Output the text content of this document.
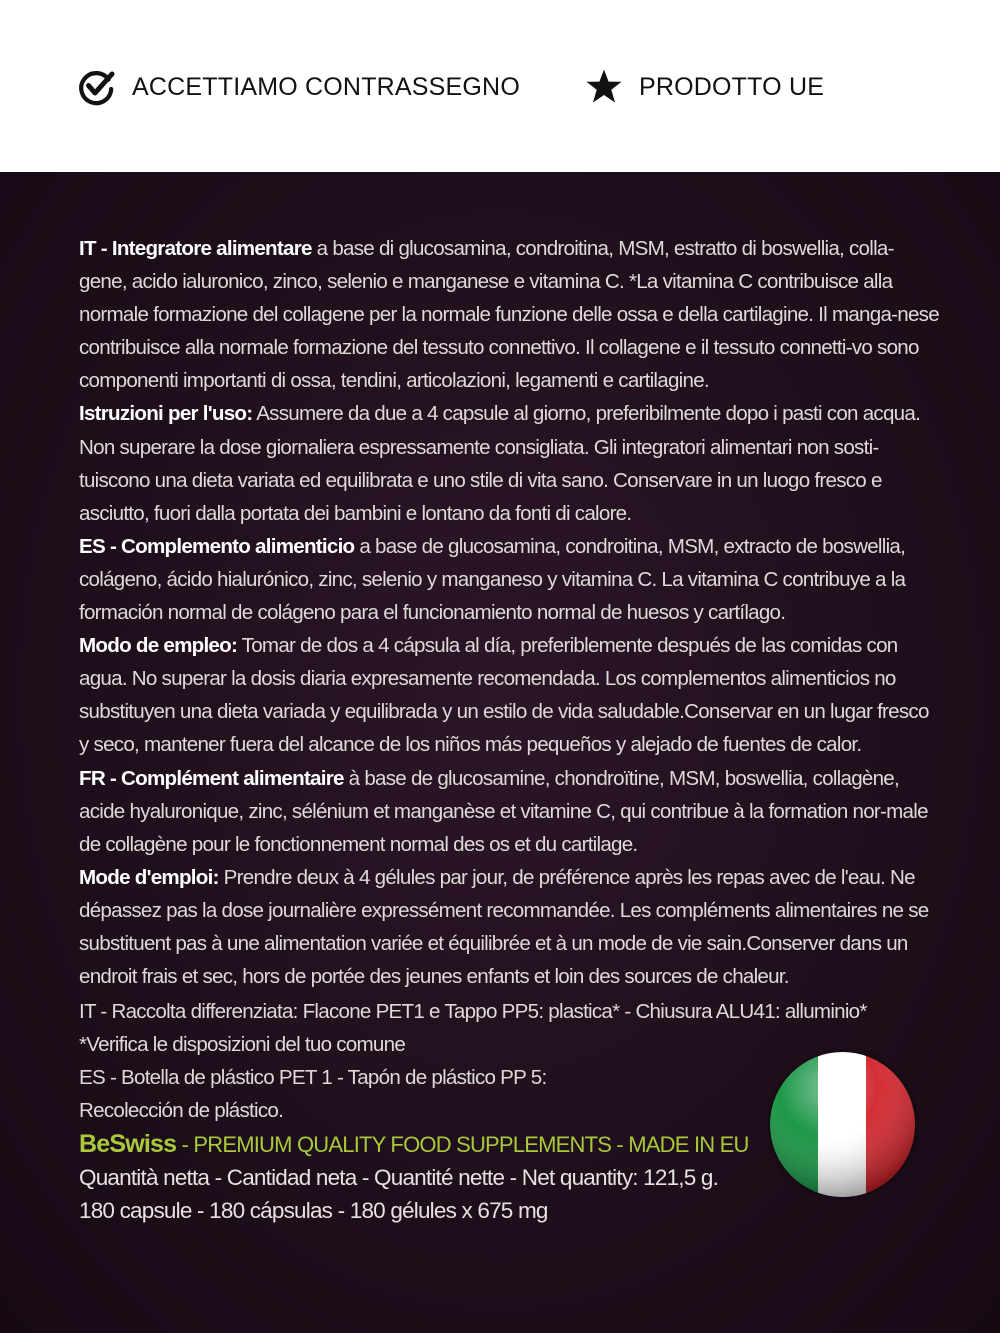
ACCETTIAMO CONTRASSEGNO	PRODOTTO UE

IT - Integratore alimentare a base di glucosamina, condroitina, MSM, estratto di boswellia, colla-gene, acido ialuronico, zinco, selenio e manganese e vitamina C. *La vitamina C contribuisce alla normale formazione del collagene per la normale funzione delle ossa e della cartilagine. Il manga-nese contribuisce alla normale formazione del tessuto connettivo. Il collagene e il tessuto connetti-vo sono componenti importanti di ossa, tendini, articolazioni, legamenti e cartilagine.

Istruzioni per l'uso: Assumere da due a 4 capsule al giorno, preferibilmente dopo i pasti con acqua. Non superare la dose giornaliera espressamente consigliata. Gli integratori alimentari non sosti-tuiscono una dieta variata ed equilibrata e uno stile di vita sano. Conservare in un luogo fresco e asciutto, fuori dalla portata dei bambini e lontano da fonti di calore.

ES - Complemento alimenticio a base de glucosamina, condroitina, MSM, extracto de boswellia, colágeno, ácido hialurónico, zinc, selenio y manganeso y vitamina C. La vitamina C contribuye a la formación normal de colágeno para el funcionamiento normal de huesos y cartílago.

Modo de empleo: Tomar de dos a 4 cápsula al día, preferiblemente después de las comidas con agua. No superar la dosis diaria expresamente recomendada. Los complementos alimenticios no substituyen una dieta variada y equilibrada y un estilo de vida saludable.Conservar en un lugar fresco y seco, mantener fuera del alcance de los niños más pequeños y alejado de fuentes de calor.

FR - Complément alimentaire à base de glucosamine, chondroïtine, MSM, boswellia, collagène, acide hyaluronique, zinc, sélénium et manganèse et vitamine C, qui contribue à la formation nor-male de collagène pour le fonctionnement normal des os et du cartilage.

Mode d'emploi: Prendre deux à 4 gélules par jour, de préférence après les repas avec de l'eau. Ne dépassez pas la dose journalière expressément recommandée. Les compléments alimentaires ne se substituent pas à une alimentation variée et équilibrée et à un mode de vie sain.Conserver dans un endroit frais et sec, hors de portée des jeunes enfants et loin des sources de chaleur.

IT - Raccolta differenziata: Flacone PET1 e Tappo PP5: plastica* - Chiusura ALU41: alluminio*

*Verifica le disposizioni del tuo comune

ES - Botella de plástico PET 1 - Tapón de plástico PP 5:

Recolección de plástico.

BeSwiss - PREMIUM QUALITY FOOD SUPPLEMENTS - MADE IN EU

Quantità netta - Cantidad neta - Quantité nette - Net quantity: 121,5 g.

180 capsule - 180 cápsulas - 180 gélules x 675 mg
